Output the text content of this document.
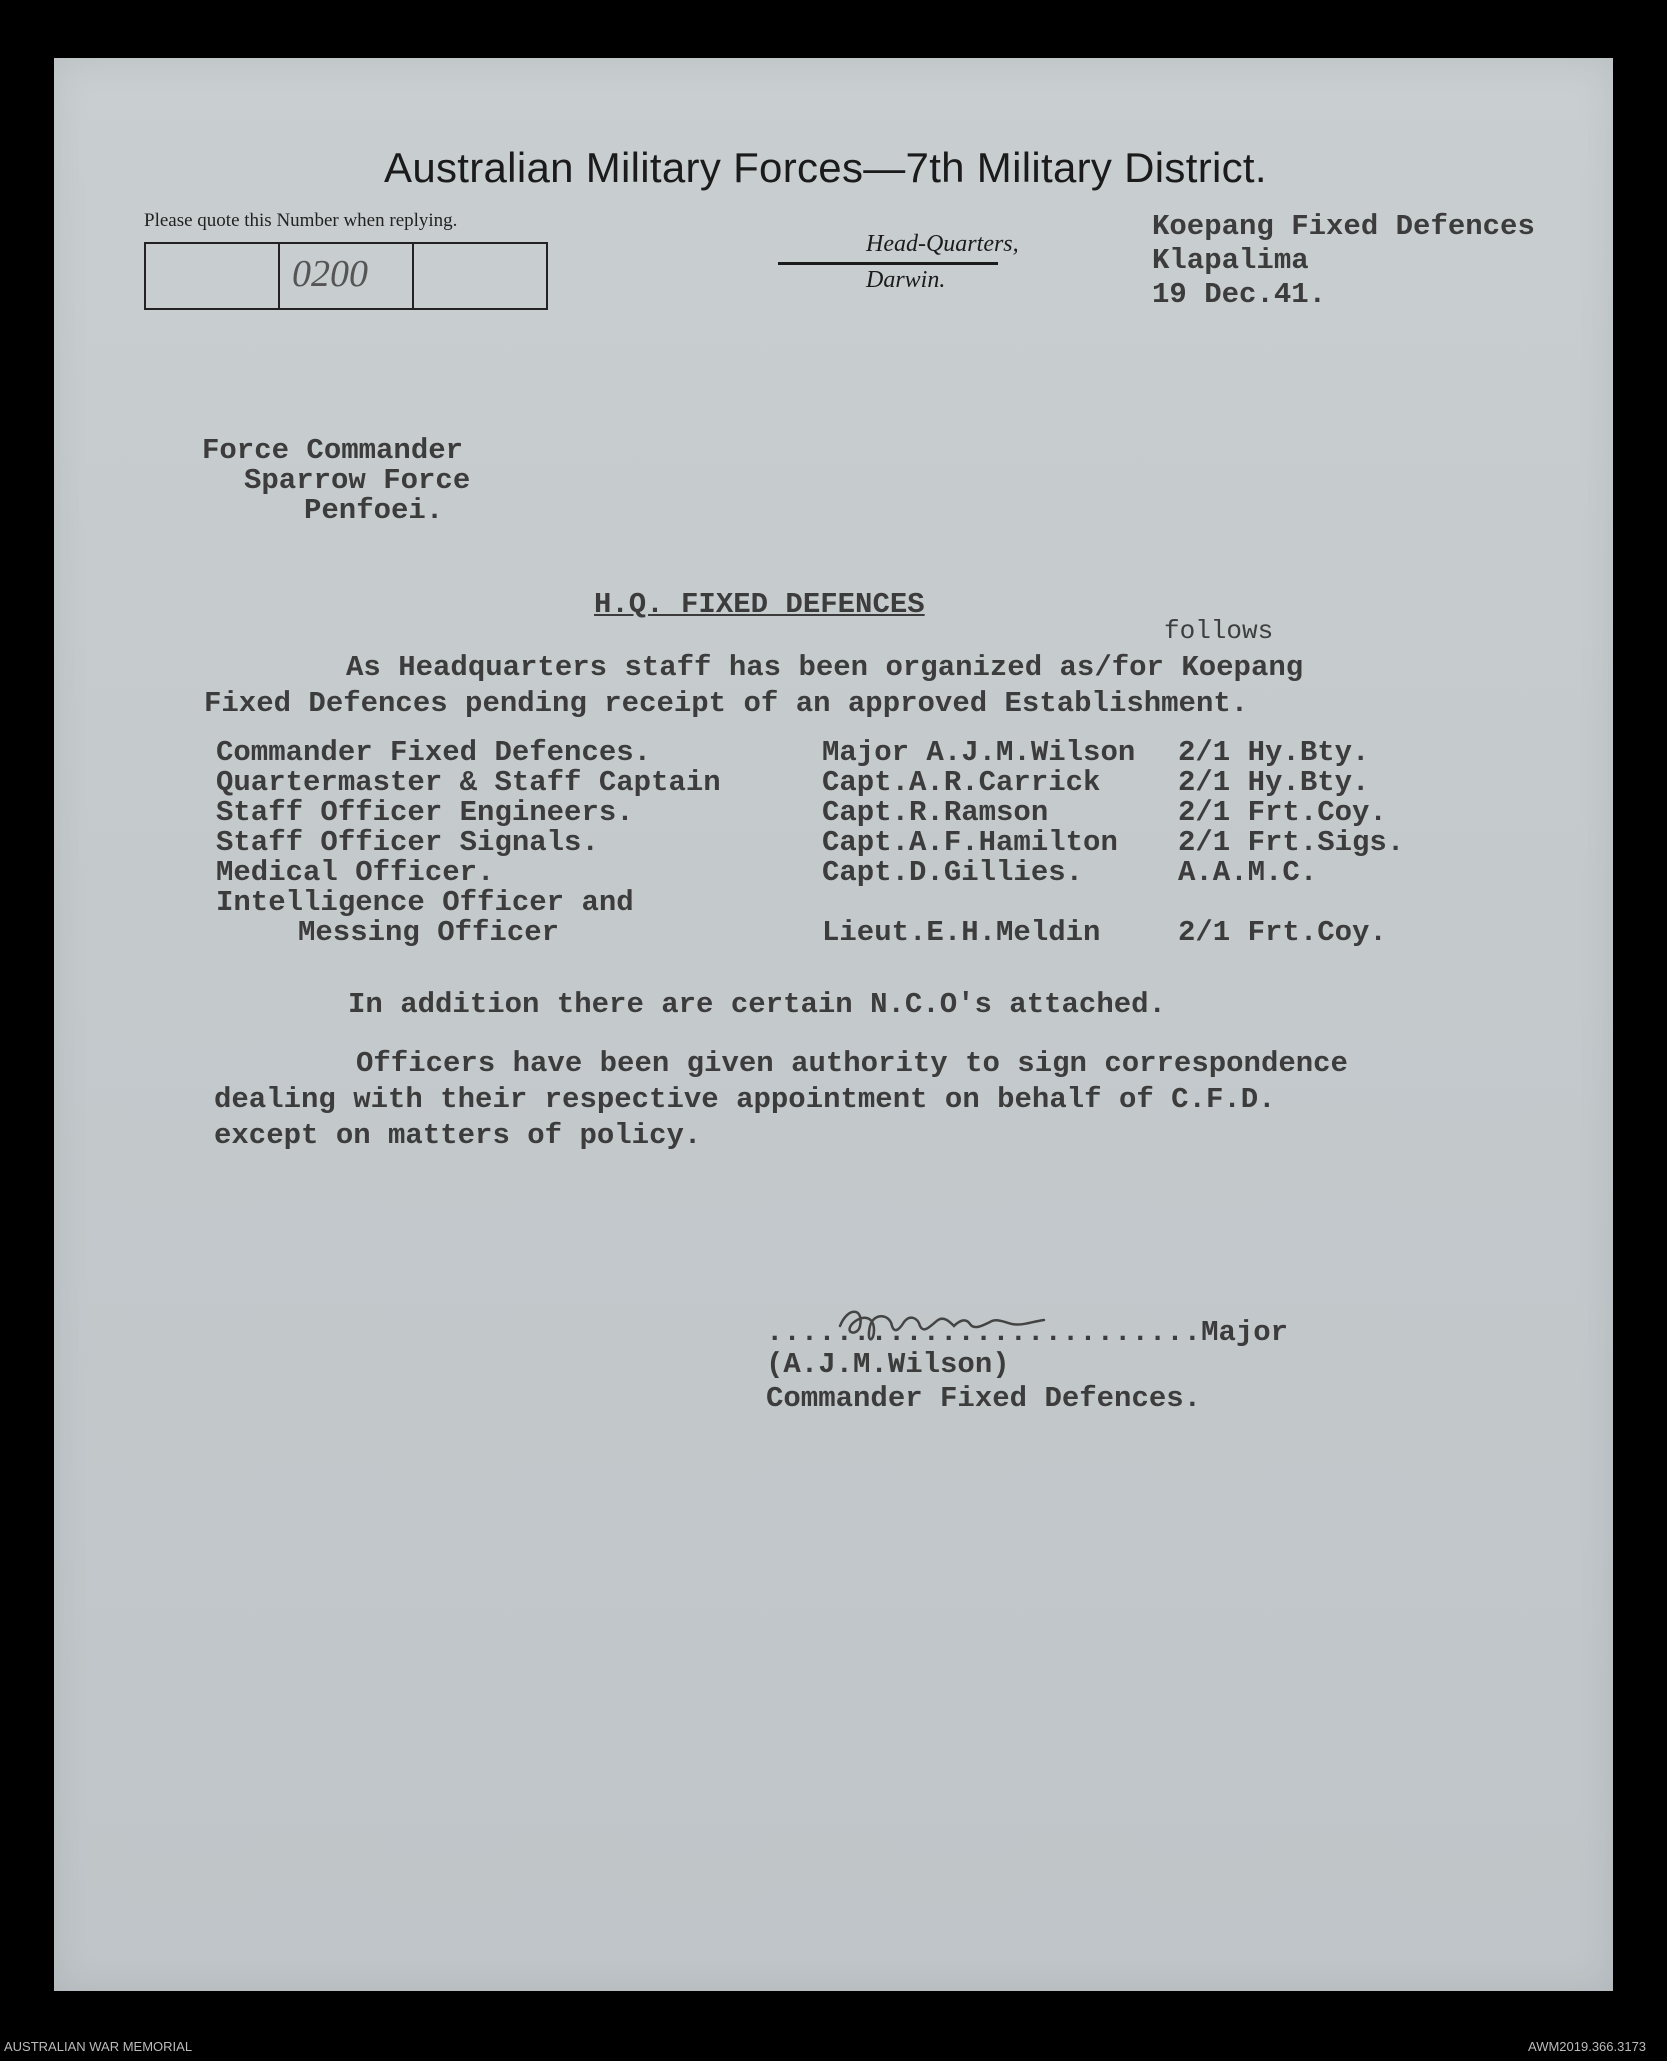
Australian Military Forces—7th Military District.
Please quote this Number when replying.
0200
Head-Quarters,
Darwin.
Koepang Fixed Defences
Klapalima
19 Dec.41.
Force Commander
Sparrow Force
Penfoei.
H.Q. FIXED DEFENCES
follows
As Headquarters staff has been organized as/for Koepang
Fixed Defences pending receipt of an approved Establishment.
Commander Fixed Defences.	Major A.J.M.Wilson	2/1 Hy.Bty.
Quartermaster & Staff Captain	Capt.A.R.Carrick	2/1 Hy.Bty.
Staff Officer Engineers.	Capt.R.Ramson	2/1 Frt.Coy.
Staff Officer Signals.	Capt.A.F.Hamilton	2/1 Frt.Sigs.
Medical Officer.	Capt.D.Gillies.	A.A.M.C.
Intelligence Officer and
Messing Officer	Lieut.E.H.Meldin	2/1 Frt.Coy.
In addition there are certain N.C.O's attached.
Officers have been given authority to sign correspondence
dealing with their respective appointment on behalf of C.F.D.
except on matters of policy.
.........................Major
(A.J.M.Wilson)
Commander Fixed Defences.
AUSTRALIAN WAR MEMORIAL	AWM2019.366.3173
